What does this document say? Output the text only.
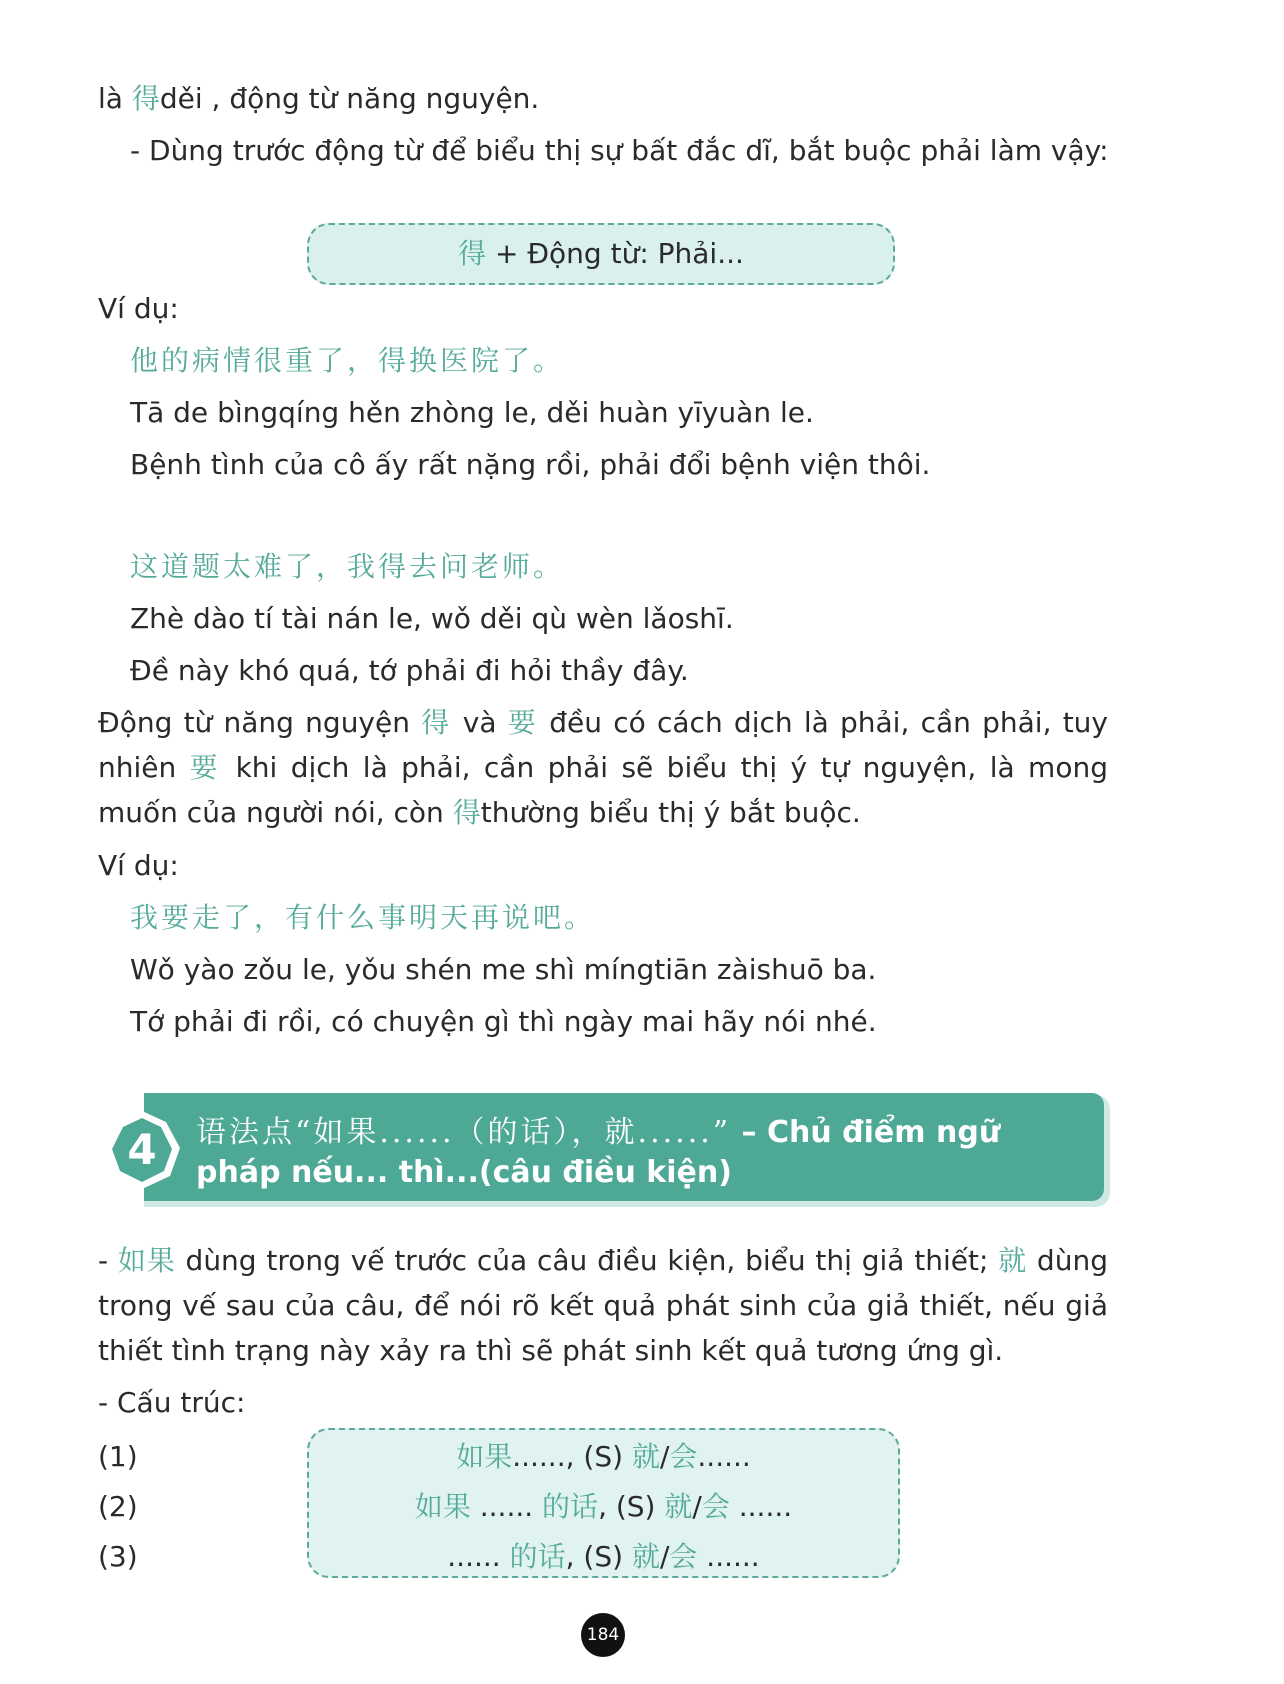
là 得děi , động từ năng nguyện.
- Dùng trước động từ để biểu thị sự bất đắc dĩ, bắt buộc phải làm vậy:
得 + Động từ: Phải...
Ví dụ:
他的病情很重了，得换医院了。
Tā de bìngqíng hěn zhòng le, děi huàn yīyuàn le.
Bệnh tình của cô ấy rất nặng rồi, phải đổi bệnh viện thôi.
这道题太难了，我得去问老师。
Zhè dào tí tài nán le, wǒ děi qù wèn lǎoshī.
Đề này khó quá, tớ phải đi hỏi thầy đây.
Động từ năng nguyện 得 và 要 đều có cách dịch là phải, cần phải, tuy nhiên 要 khi dịch là phải, cần phải sẽ biểu thị ý tự nguyện, là mong muốn của người nói, còn 得thường biểu thị ý bắt buộc.
Ví dụ:
我要走了，有什么事明天再说吧。
Wǒ yào zǒu le, yǒu shén me shì míngtiān zàishuō ba.
Tớ phải đi rồi, có chuyện gì thì ngày mai hãy nói nhé.
4 语法点“如果......（的话），就......” – Chủ điểm ngữ
pháp nếu... thì...(câu điều kiện)
- 如果 dùng trong vế trước của câu điều kiện, biểu thị giả thiết; 就 dùng trong vế sau của câu, để nói rõ kết quả phát sinh của giả thiết, nếu giả thiết tình trạng này xảy ra thì sẽ phát sinh kết quả tương ứng gì.
- Cấu trúc:
(1)	如果......, (S) 就/会......
(2)	如果 ...... 的话, (S) 就/会 ......
(3)	...... 的话, (S) 就/会 ......
184
